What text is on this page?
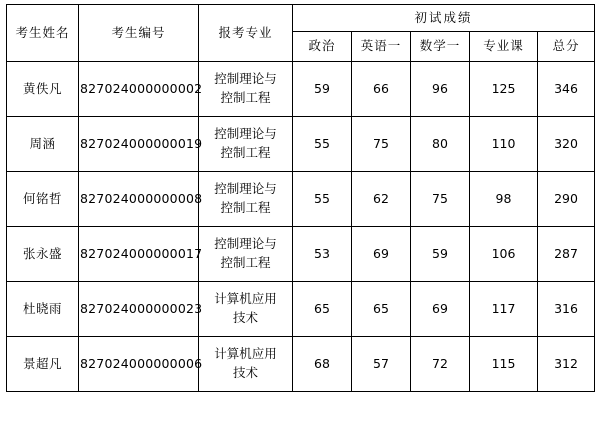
考生姓名	考生编号	报考专业	初试成绩				
			政治	英语一	数学一	专业课	总分
黄佚凡	827024000000002	控制理论与
控制工程	59	66	96	125	346
周涵	827024000000019	控制理论与
控制工程	55	75	80	110	320
何铭哲	827024000000008	控制理论与
控制工程	55	62	75	98	290
张永盛	827024000000017	控制理论与
控制工程	53	69	59	106	287
杜晓雨	827024000000023	计算机应用
技术	65	65	69	117	316
景超凡	827024000000006	计算机应用
技术	68	57	72	115	312
